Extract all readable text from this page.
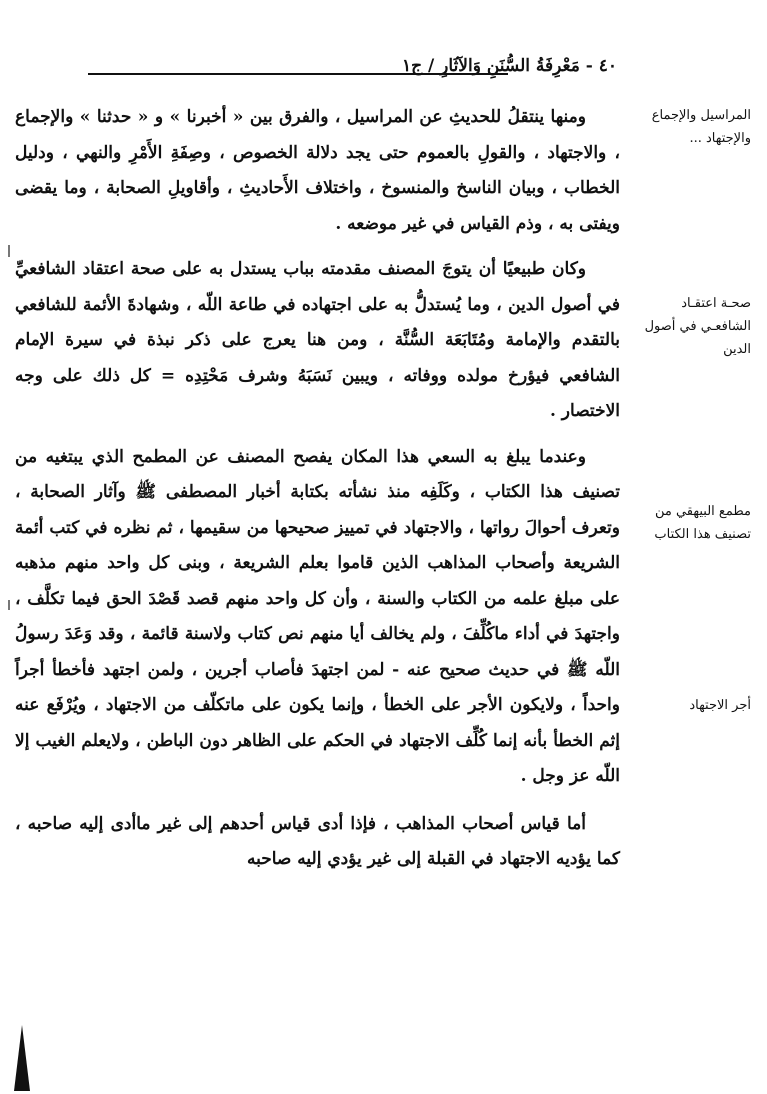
٤٠ - مَعْرِفَةُ السُّنَنِ وَالآثَارِ / ج١
المراسيل والإجماع والإجتهاد ...
صحـة اعتقـاد الشافعـي في أصول الدين
مطمع البيهقي من تصنيف هذا الكتاب
أجر الاجتهاد

ومنها ينتقلُ للحديثِ عن المراسيل ، والفرق بين « أخبرنا » و « حدثنا » والإجماع ، والاجتهاد ، والقولِ بالعموم حتى يجد دلالة الخصوص ، وصِفَةِ الأَمْرِ والنهي ، ودليل الخطاب ، وبيان الناسخ والمنسوخ ، واختلاف الأَحاديثِ ، وأقاويلِ الصحابة ، وما يقضى ويفتى به ، وذم القياس في غير موضعه .

وكان طبيعيًا أن يتوجَ المصنف مقدمته بباب يستدل به على صحة اعتقاد الشافعيِّ في أصول الدين ، وما يُستدلُّ به على اجتهاده في طاعة اللّه ، وشهادةَ الأئمة للشافعي بالتقدم والإمامة ومُتَابَعَة السُّنَّة ، ومن هنا يعرج على ذكر نبذة في سيرة الإمام الشافعي فيؤرخ مولده ووفاته ، ويبين نَسَبَهُ وشرف مَحْتِدِه = كل ذلك على وجه الاختصار .

وعندما يبلغ به السعي هذا المكان يفصح المصنف عن المطمح الذي يبتغيه من تصنيف هذا الكتاب ، وكَلَفِه منذ نشأته بكتابة أخبار المصطفى ﷺ وآثار الصحابة ، وتعرف أحوالَ رواتها ، والاجتهاد في تمييز صحيحها من سقيمها ، ثم نظره في كتب أئمة الشريعة وأصحاب المذاهب الذين قاموا بعلم الشريعة ، وبنى كل واحد منهم مذهبه على مبلغ علمه من الكتاب والسنة ، وأن كل واحد منهم قصد قَصْدَ الحق فيما تكلَّف ، واجتهدَ في أداء ماكُلِّفَ ، ولم يخالف أيا منهم نص كتاب ولاسنة قائمة ، وقد وَعَدَ رسولُ اللّه ﷺ في حديث صحيح عنه - لمن اجتهدَ فأصاب أجرين ، ولمن اجتهد فأخطأ أجراً واحداً ، ولايكون الأجر على الخطأ ، وإنما يكون على ماتكلّف من الاجتهاد ، ويُرْفَع عنه إثم الخطأ بأنه إنما كُلِّف الاجتهاد في الحكم على الظاهر دون الباطن ، ولايعلم الغيب إلا اللّه عز وجل .

أما قياس أصحاب المذاهب ، فإذا أدى قياس أحدهم إلى غير ماأدى إليه صاحبه ، كما يؤديه الاجتهاد في القبلة إلى غير يؤدي إليه صاحبه
